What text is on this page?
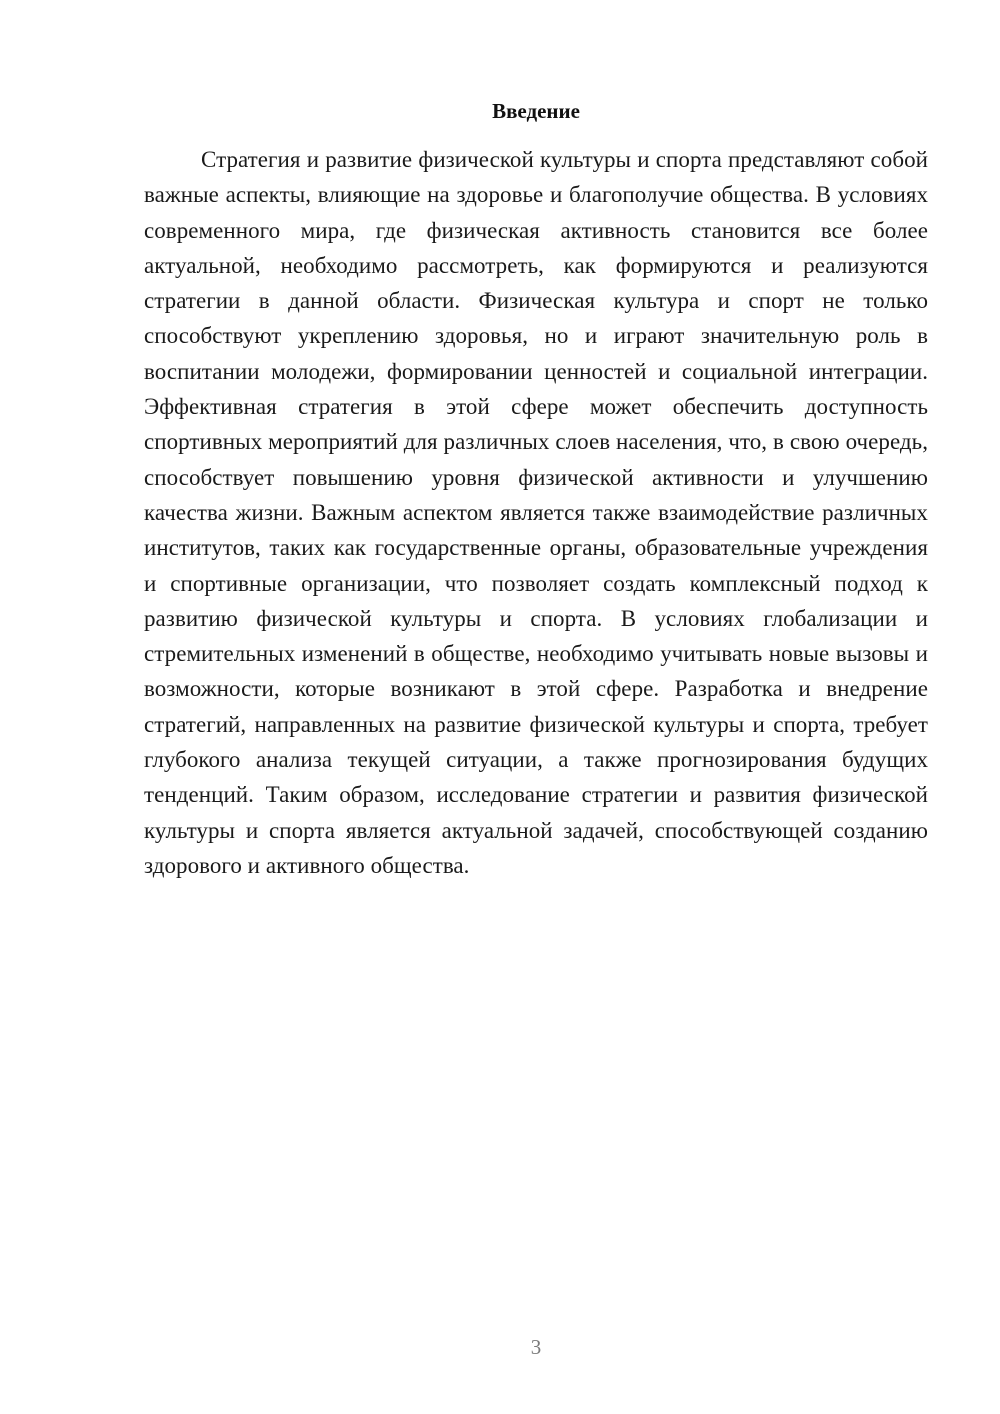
Введение

Стратегия и развитие физической культуры и спорта представляют собой важные аспекты, влияющие на здоровье и благополучие общества. В условиях современного мира, где физическая активность становится все более актуальной, необходимо рассмотреть, как формируются и реализуются стратегии в данной области. Физическая культура и спорт не только способствуют укреплению здоровья, но и играют значительную роль в воспитании молодежи, формировании ценностей и социальной интеграции. Эффективная стратегия в этой сфере может обеспечить доступность спортивных мероприятий для различных слоев населения, что, в свою очередь, способствует повышению уровня физической активности и улучшению качества жизни. Важным аспектом является также взаимодействие различных институтов, таких как государственные органы, образовательные учреждения и спортивные организации, что позволяет создать комплексный подход к развитию физической культуры и спорта. В условиях глобализации и стремительных изменений в обществе, необходимо учитывать новые вызовы и возможности, которые возникают в этой сфере. Разработка и внедрение стратегий, направленных на развитие физической культуры и спорта, требует глубокого анализа текущей ситуации, а также прогнозирования будущих тенденций. Таким образом, исследование стратегии и развития физической культуры и спорта является актуальной задачей, способствующей созданию здорового и активного общества.

3
